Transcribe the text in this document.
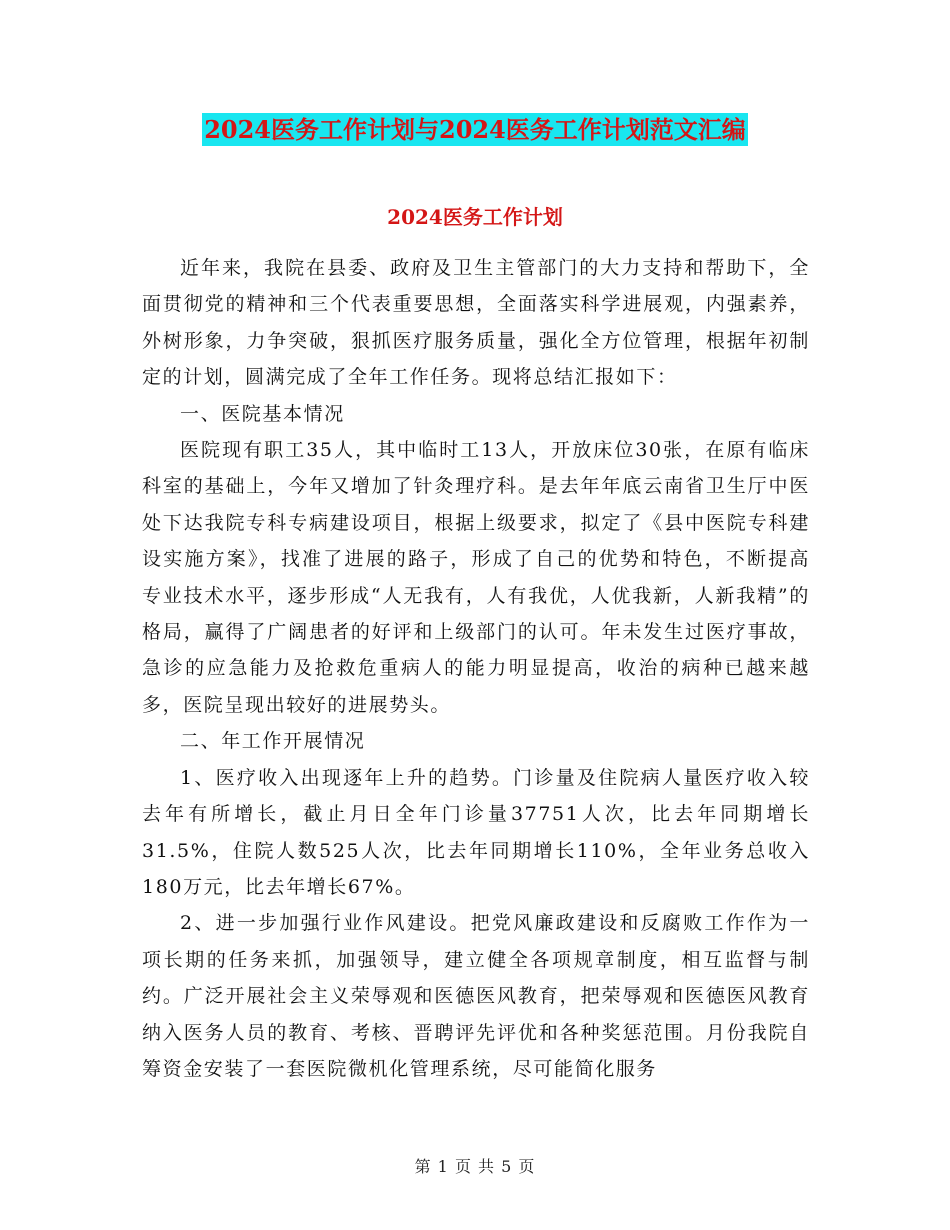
2024医务工作计划与2024医务工作计划范文汇编
2024医务工作计划

近年来，我院在县委、政府及卫生主管部门的大力支持和帮助下，全面贯彻党的精神和三个代表重要思想，全面落实科学进展观，内强素养，外树形象，力争突破，狠抓医疗服务质量，强化全方位管理，根据年初制定的计划，圆满完成了全年工作任务。现将总结汇报如下：

一、医院基本情况

医院现有职工35人，其中临时工13人，开放床位30张，在原有临床科室的基础上，今年又增加了针灸理疗科。是去年年底云南省卫生厅中医处下达我院专科专病建设项目，根据上级要求，拟定了《县中医院专科建设实施方案》，找准了进展的路子，形成了自己的优势和特色，不断提高专业技术水平，逐步形成“人无我有，人有我优，人优我新，人新我精”的格局，赢得了广阔患者的好评和上级部门的认可。年未发生过医疗事故，急诊的应急能力及抢救危重病人的能力明显提高，收治的病种已越来越多，医院呈现出较好的进展势头。

二、年工作开展情况

1、医疗收入出现逐年上升的趋势。门诊量及住院病人量医疗收入较去年有所增长，截止月日全年门诊量37751人次，比去年同期增长31.5%，住院人数525人次，比去年同期增长110%，全年业务总收入180万元，比去年增长67%。

2、进一步加强行业作风建设。把党风廉政建设和反腐败工作作为一项长期的任务来抓，加强领导，建立健全各项规章制度，相互监督与制约。广泛开展社会主义荣辱观和医德医风教育，把荣辱观和医德医风教育纳入医务人员的教育、考核、晋聘评先评优和各种奖惩范围。月份我院自筹资金安装了一套医院微机化管理系统，尽可能简化服务

第 1 页 共 5 页
